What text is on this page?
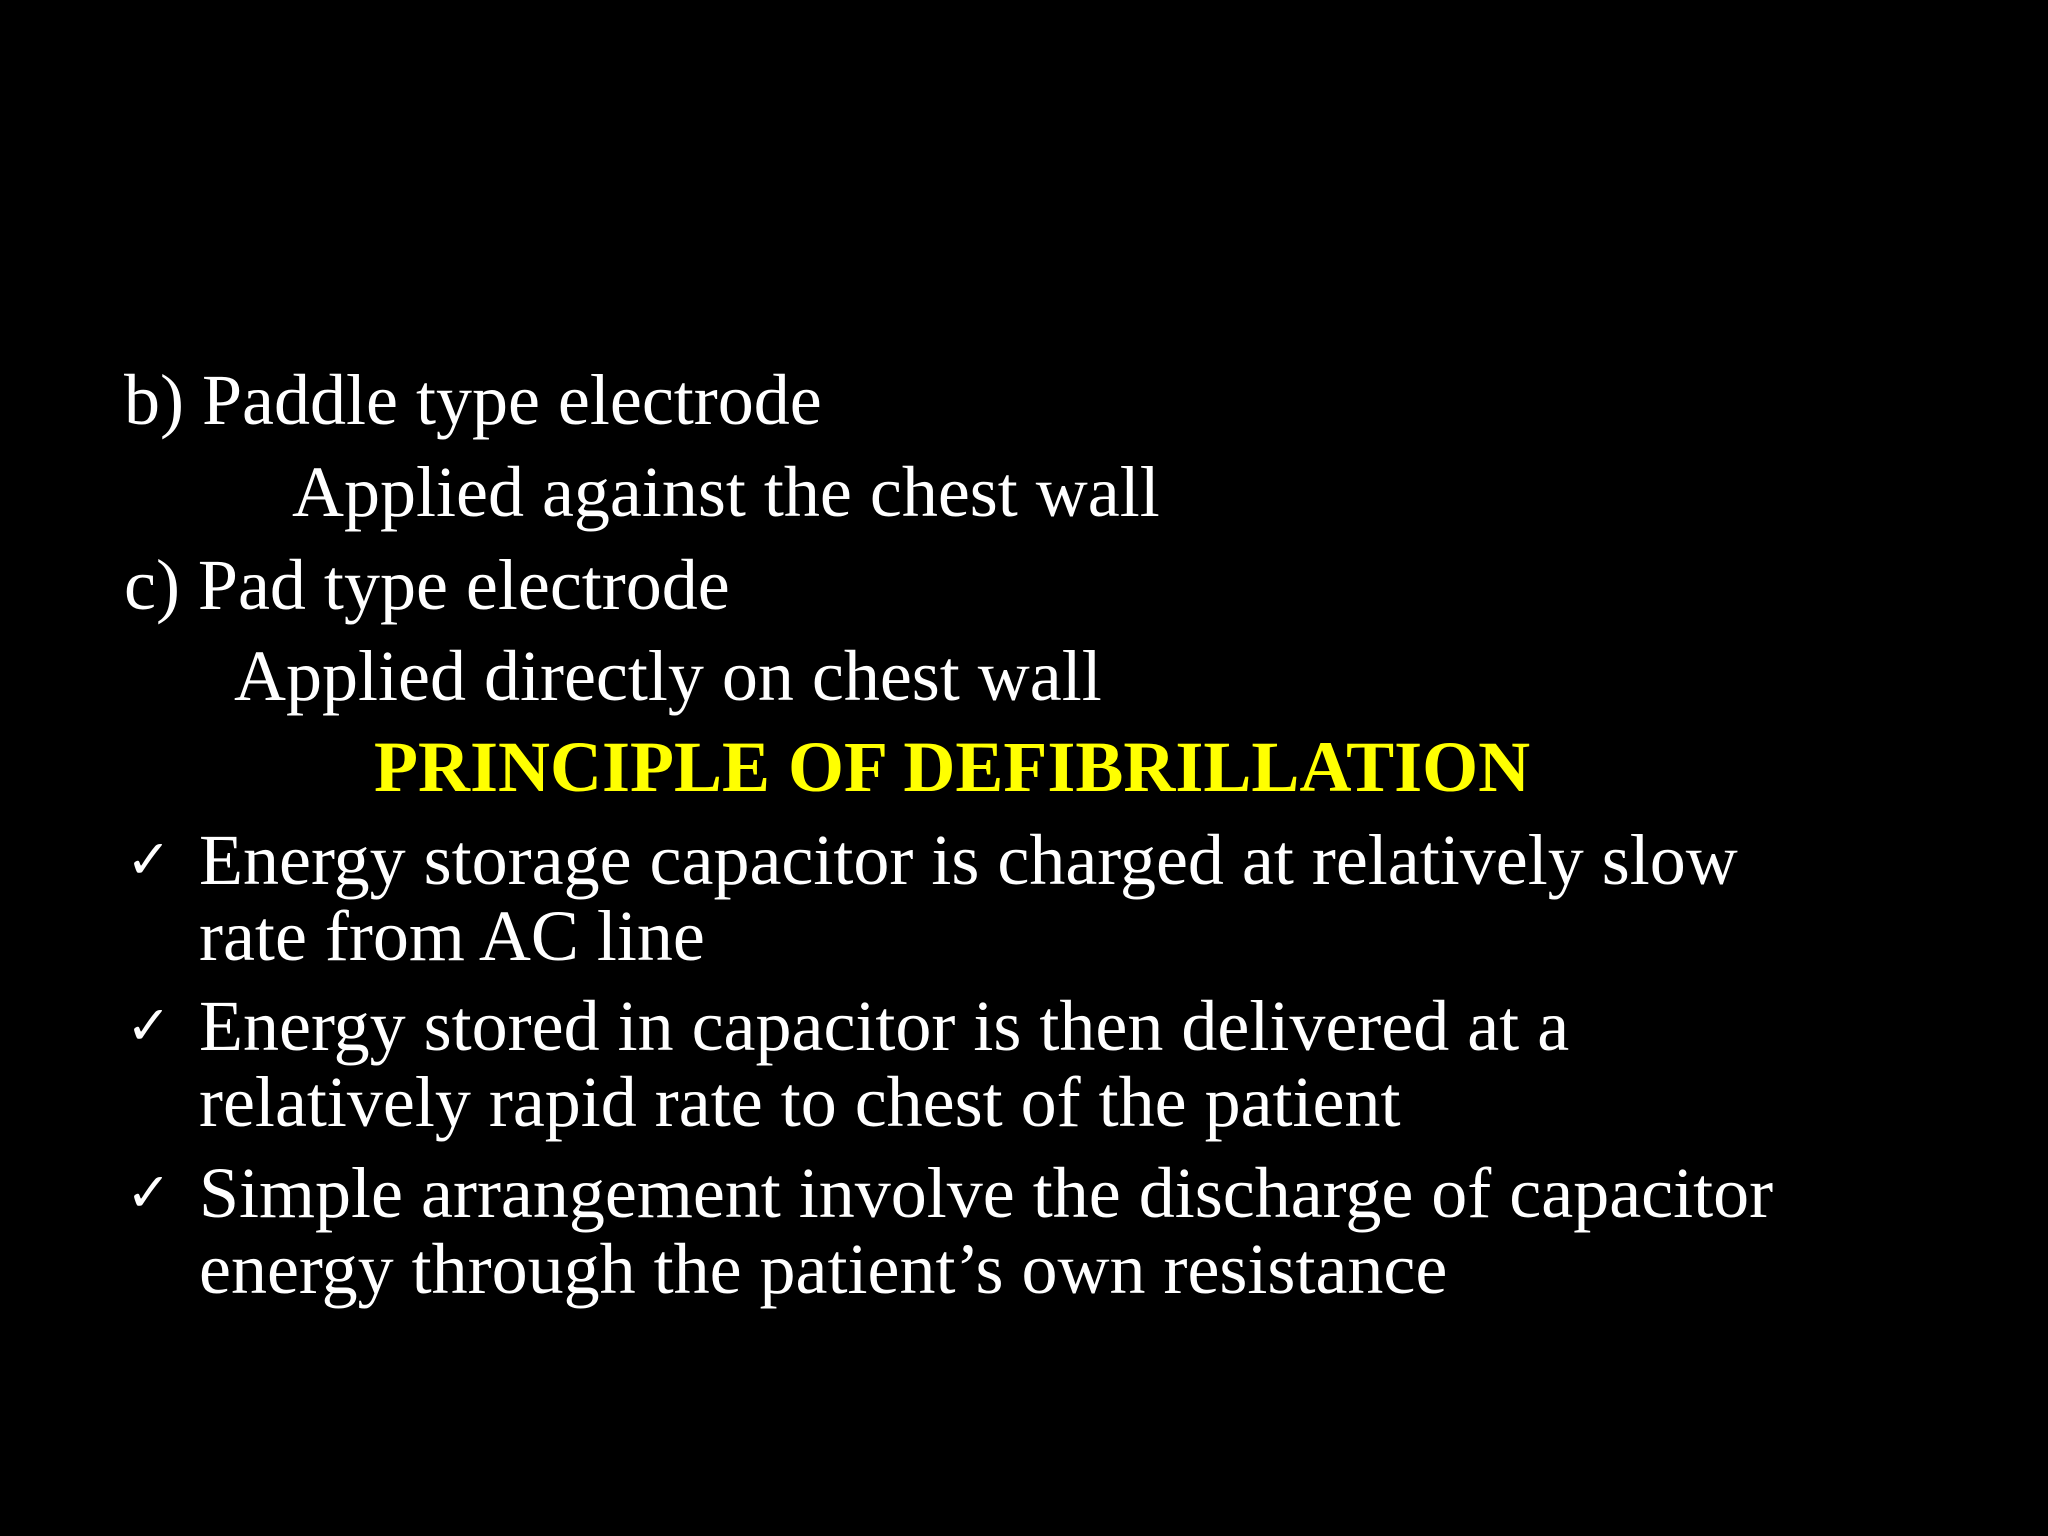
b) Paddle type electrode
Applied against the chest wall
c) Pad type electrode
Applied directly on chest wall
PRINCIPLE OF DEFIBRILLATION
✓ Energy storage capacitor is charged at relatively slow
rate from AC line
✓ Energy stored in capacitor is then delivered at a
relatively rapid rate to chest of the patient
✓ Simple arrangement involve the discharge of capacitor
energy through the patient’s own resistance
